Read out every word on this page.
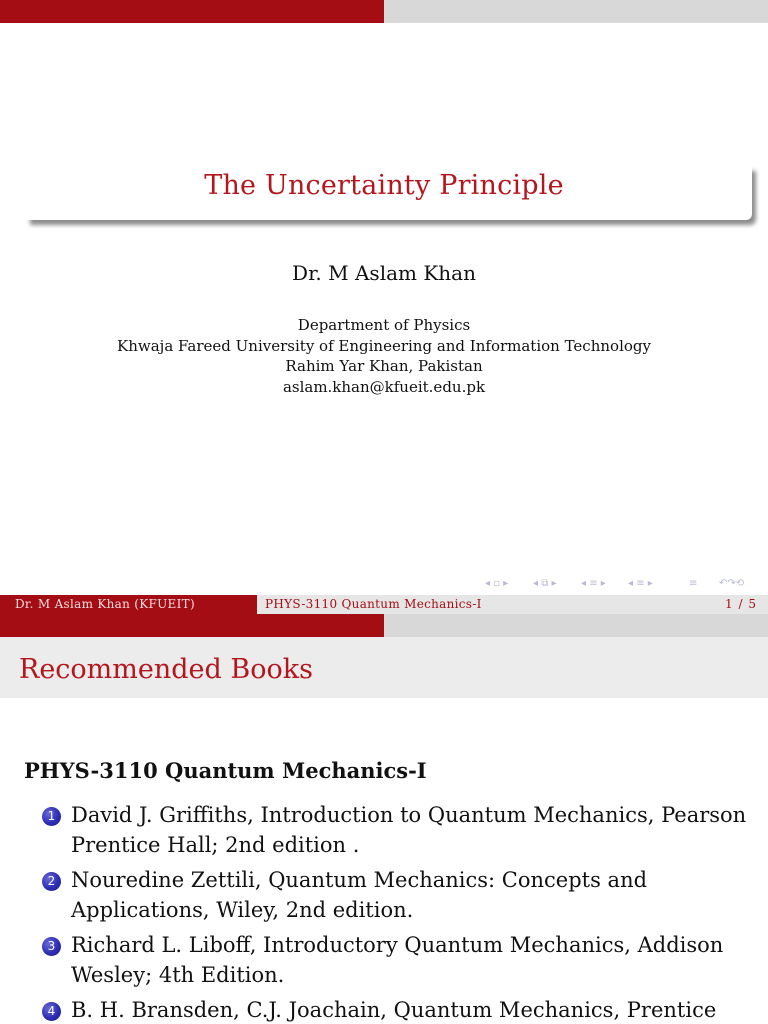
The Uncertainty Principle
Dr. M Aslam Khan
Department of Physics
Khwaja Fareed University of Engineering and Information Technology
Rahim Yar Khan, Pakistan
aslam.khan@kfueit.edu.pk
◂ ▫ ▸ ◂ ⧉ ▸ ◂ ≡ ▸ ◂ ≡ ▸	≡ ↶↷⟲
Dr. M Aslam Khan (KFUEIT)	PHYS-3110 Quantum Mechanics-I	1 / 5
Recommended Books
PHYS-3110 Quantum Mechanics-I
1 David J. Griffiths, Introduction to Quantum Mechanics, Pearson Prentice Hall; 2nd edition .
2 Nouredine Zettili, Quantum Mechanics: Concepts and Applications, Wiley, 2nd edition.
3 Richard L. Liboff, Introductory Quantum Mechanics, Addison Wesley; 4th Edition.
4 B. H. Bransden, C.J. Joachain, Quantum Mechanics, Prentice
